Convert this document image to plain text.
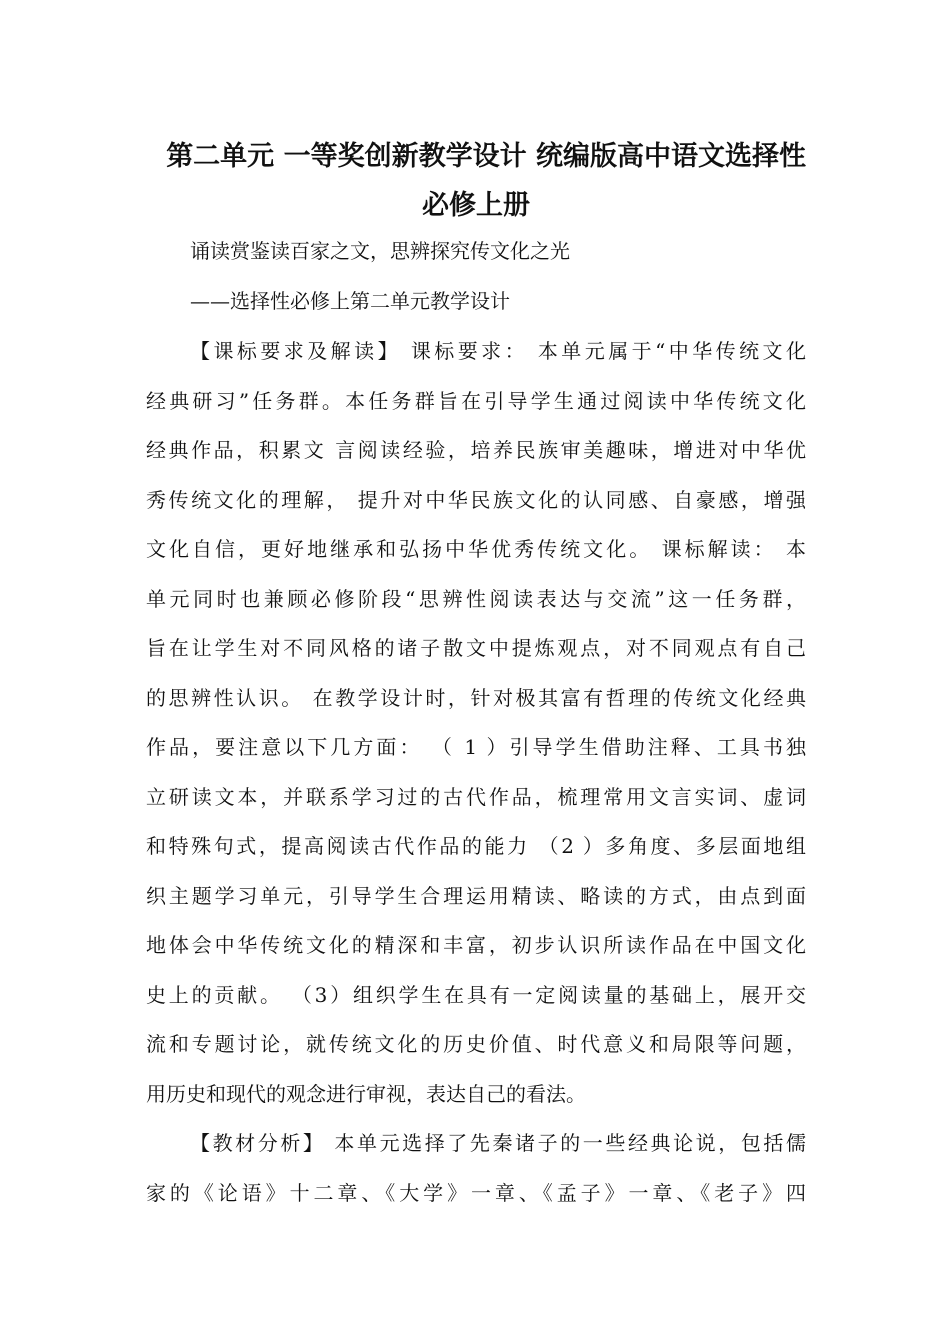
第二单元 一等奖创新教学设计 统编版高中语文选择性
必修上册
诵读赏鉴读百家之文，思辨探究传文化之光
——选择性必修上第二单元教学设计
【课标要求及解读】 课标要求： 本单元属于“中华传统文化
经典研习”任务群。本任务群旨在引导学生通过阅读中华传统文化
经典作品，积累文 言阅读经验，培养民族审美趣味，增进对中华优
秀传统文化的理解， 提升对中华民族文化的认同感、自豪感，增强
文化自信，更好地继承和弘扬中华优秀传统文化。 课标解读： 本
单元同时也兼顾必修阶段“思辨性阅读表达与交流”这一任务群，
旨在让学生对不同风格的诸子散文中提炼观点，对不同观点有自己
的思辨性认识。 在教学设计时，针对极其富有哲理的传统文化经典
作品，要注意以下几方面： （ 1 ）引导学生借助注释、工具书独
立研读文本，并联系学习过的古代作品，梳理常用文言实词、虚词
和特殊句式，提高阅读古代作品的能力 （2 ）多角度、多层面地组
织主题学习单元，引导学生合理运用精读、略读的方式，由点到面
地体会中华传统文化的精深和丰富，初步认识所读作品在中国文化
史上的贡献。 （3）组织学生在具有一定阅读量的基础上，展开交
流和专题讨论，就传统文化的历史价值、时代意义和局限等问题，
用历史和现代的观念进行审视，表达自己的看法。
【教材分析】 本单元选择了先秦诸子的一些经典论说，包括儒
家的《论语》十二章、《大学》一章、《孟子》一章、《老子》四
